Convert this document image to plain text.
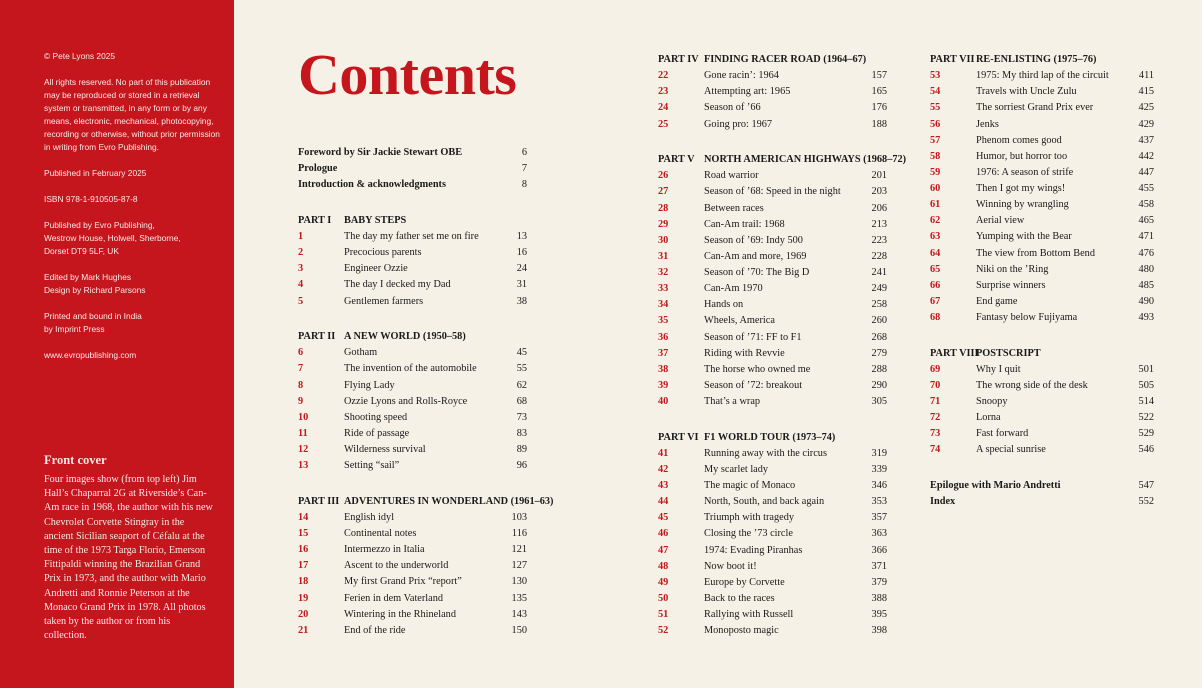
© Pete Lyons 2025

All rights reserved. No part of this publication may be reproduced or stored in a retrieval system or transmitted, in any form or by any means, electronic, mechanical, photocopying, recording or otherwise, without prior permission in writing from Evro Publishing.

Published in February 2025

ISBN 978-1-910505-87-8

Published by Evro Publishing,
Westrow House, Holwell, Sherborne,
Dorset DT9 5LF, UK

Edited by Mark Hughes
Design by Richard Parsons

Printed and bound in India
by Imprint Press

www.evropublishing.com

Front cover

Four images show (from top left) Jim Hall’s Chaparral 2G at Riverside’s Can-Am race in 1968, the author with his new Chevrolet Corvette Stingray in the ancient Sicilian seaport of Céfalu at the time of the 1973 Targa Florio, Emerson Fittipaldi winning the Brazilian Grand Prix in 1973, and the author with Mario Andretti and Ronnie Peterson at the Monaco Grand Prix in 1978. All photos taken by the author or from his collection.

Contents
Foreword by Sir Jackie Stewart OBE	6
Prologue	7
Introduction & acknowledgments	8
PART I BABY STEPS
1	The day my father set me on fire	13
2	Precocious parents	16
3	Engineer Ozzie	24
4	The day I decked my Dad	31
5	Gentlemen farmers	38
PART II A NEW WORLD (1950–58)
6	Gotham	45
7	The invention of the automobile	55
8	Flying Lady	62
9	Ozzie Lyons and Rolls-Royce	68
10	Shooting speed	73
11	Ride of passage	83
12	Wilderness survival	89
13	Setting “sail”	96
PART III ADVENTURES IN WONDERLAND (1961–63)
14	English idyl	103
15	Continental notes	116
16	Intermezzo in Italia	121
17	Ascent to the underworld	127
18	My first Grand Prix “report”	130
19	Ferien in dem Vaterland	135
20	Wintering in the Rhineland	143
21	End of the ride	150
PART IV FINDING RACER ROAD (1964–67)
22	Gone racin’: 1964	157
23	Attempting art: 1965	165
24	Season of ’66	176
25	Going pro: 1967	188
PART V NORTH AMERICAN HIGHWAYS (1968–72)
26	Road warrior	201
27	Season of ’68: Speed in the night	203
28	Between races	206
29	Can-Am trail: 1968	213
30	Season of ’69: Indy 500	223
31	Can-Am and more, 1969	228
32	Season of ’70: The Big D	241
33	Can-Am 1970	249
34	Hands on	258
35	Wheels, America	260
36	Season of ’71: FF to F1	268
37	Riding with Revvie	279
38	The horse who owned me	288
39	Season of ’72: breakout	290
40	That’s a wrap	305
PART VI F1 WORLD TOUR (1973–74)
41	Running away with the circus	319
42	My scarlet lady	339
43	The magic of Monaco	346
44	North, South, and back again	353
45	Triumph with tragedy	357
46	Closing the ’73 circle	363
47	1974: Evading Piranhas	366
48	Now boot it!	371
49	Europe by Corvette	379
50	Back to the races	388
51	Rallying with Russell	395
52	Monoposto magic	398
PART VII RE-ENLISTING (1975–76)
53	1975: My third lap of the circuit	411
54	Travels with Uncle Zulu	415
55	The sorriest Grand Prix ever	425
56	Jenks	429
57	Phenom comes good	437
58	Humor, but horror too	442
59	1976: A season of strife	447
60	Then I got my wings!	455
61	Winning by wrangling	458
62	Aerial view	465
63	Yumping with the Bear	471
64	The view from Bottom Bend	476
65	Niki on the ’Ring	480
66	Surprise winners	485
67	End game	490
68	Fantasy below Fujiyama	493
PART VIII
POSTSCRIPT
69	Why I quit	501
70	The wrong side of the desk	505
71	Snoopy	514
72	Lorna	522
73	Fast forward	529
74	A special sunrise	546
Epilogue with Mario Andretti	547
Index	552
